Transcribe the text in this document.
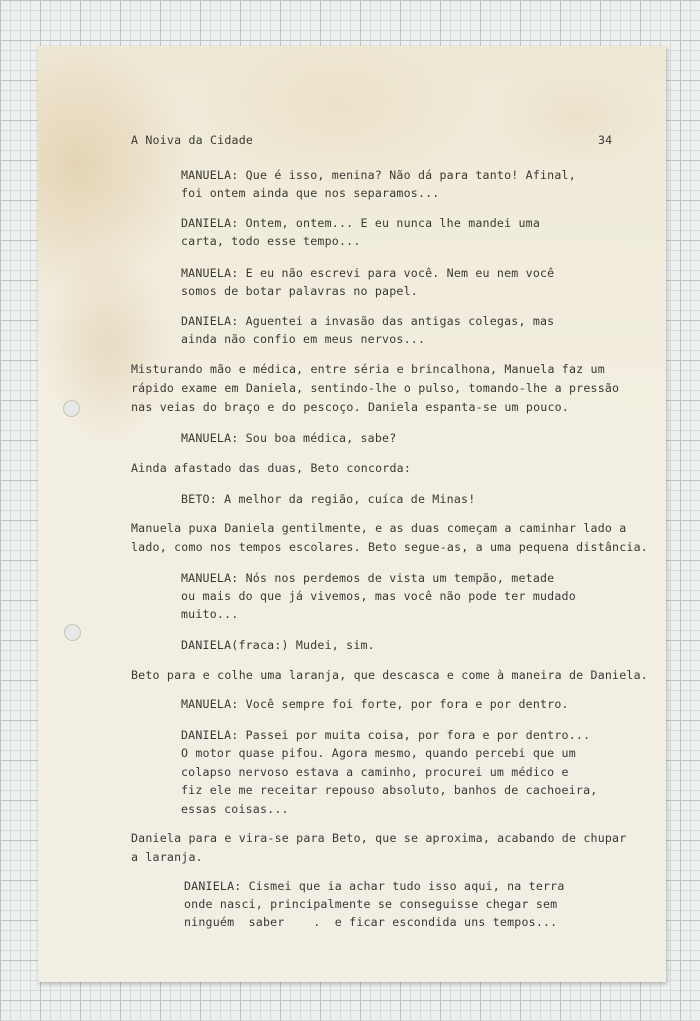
A Noiva da Cidade	34
MANUELA: Que é isso, menina? Não dá para tanto! Afinal,
foi ontem ainda que nos separamos...
DANIELA: Ontem, ontem... E eu nunca lhe mandei uma
carta, todo esse tempo...
MANUELA: E eu não escrevi para você. Nem eu nem você
somos de botar palavras no papel.
DANIELA: Aguentei a invasão das antigas colegas, mas
ainda não confio em meus nervos...
Misturando mão e médica, entre séria e brincalhona, Manuela faz um
rápido exame em Daniela, sentindo-lhe o pulso, tomando-lhe a pressão
nas veias do braço e do pescoço. Daniela espanta-se um pouco.
MANUELA: Sou boa médica, sabe?
Ainda afastado das duas, Beto concorda:
BETO: A melhor da região, cuíca de Minas!
Manuela puxa Daniela gentilmente, e as duas começam a caminhar lado a
lado, como nos tempos escolares. Beto segue-as, a uma pequena distância.
MANUELA: Nós nos perdemos de vista um tempão, metade
ou mais do que já vivemos, mas você não pode ter mudado
muito...
DANIELA(fraca:) Mudei, sim.
Beto para e colhe uma laranja, que descasca e come à maneira de Daniela.
MANUELA: Você sempre foi forte, por fora e por dentro.
DANIELA: Passei por muita coisa, por fora e por dentro...
O motor quase pifou. Agora mesmo, quando percebi que um
colapso nervoso estava a caminho, procurei um médico e
fiz ele me receitar repouso absoluto, banhos de cachoeira,
essas coisas...
Daniela para e vira-se para Beto, que se aproxima, acabando de chupar
a laranja.
DANIELA: Cismei que ia achar tudo isso aqui, na terra
onde nasci, principalmente se conseguisse chegar sem
ninguém  saber    .  e ficar escondida uns tempos...
